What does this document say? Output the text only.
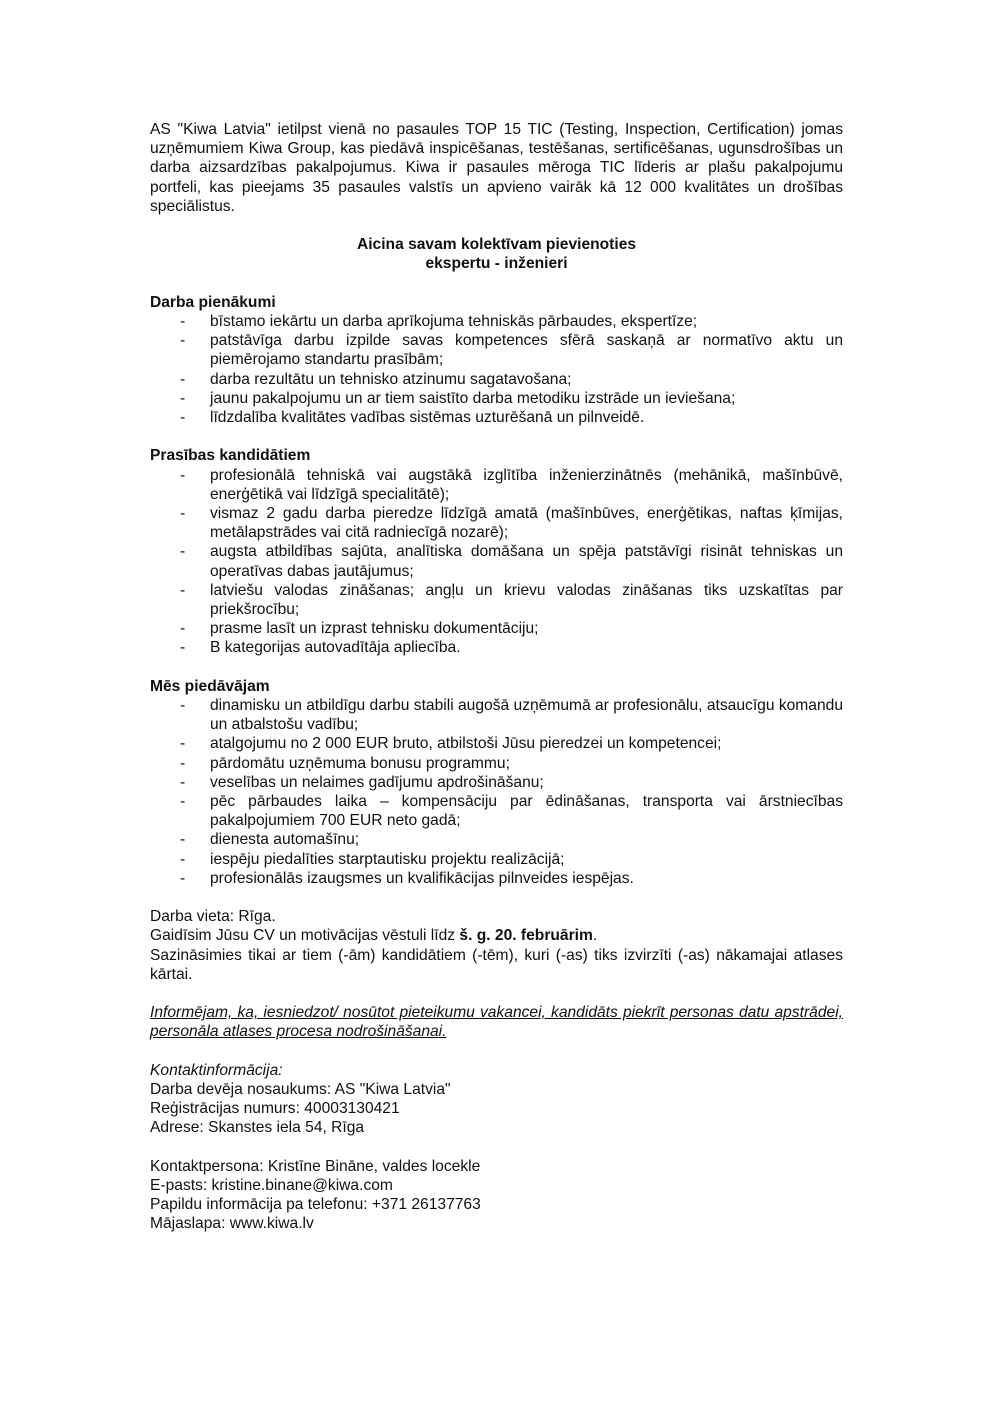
AS "Kiwa Latvia" ietilpst vienā no pasaules TOP 15 TIC (Testing, Inspection, Certification) jomas uzņēmumiem Kiwa Group, kas piedāvā inspicēšanas, testēšanas, sertificēšanas, ugunsdrošības un darba aizsardzības pakalpojumus. Kiwa ir pasaules mēroga TIC līderis ar plašu pakalpojumu portfeli, kas pieejams 35 pasaules valstīs un apvieno vairāk kā 12 000 kvalitātes un drošības speciālistus.

Aicina savam kolektīvam pievienoties

ekspertu - inženieri

Darba pienākumi
- bīstamo iekārtu un darba aprīkojuma tehniskās pārbaudes, ekspertīze;
- patstāvīga darbu izpilde savas kompetences sfērā saskaņā ar normatīvo aktu un piemērojamo standartu prasībām;
- darba rezultātu un tehnisko atzinumu sagatavošana;
- jaunu pakalpojumu un ar tiem saistīto darba metodiku izstrāde un ieviešana;
- līdzdalība kvalitātes vadības sistēmas uzturēšanā un pilnveidē.
Prasības kandidātiem
- profesionālā tehniskā vai augstākā izglītība inženierzinātnēs (mehānikā, mašīnbūvē, enerģētikā vai līdzīgā specialitātē);
- vismaz 2 gadu darba pieredze līdzīgā amatā (mašīnbūves, enerģētikas, naftas ķīmijas, metālapstrādes vai citā radniecīgā nozarē);
- augsta atbildības sajūta, analītiska domāšana un spēja patstāvīgi risināt tehniskas un operatīvas dabas jautājumus;
- latviešu valodas zināšanas; angļu un krievu valodas zināšanas tiks uzskatītas par priekšrocību;
- prasme lasīt un izprast tehnisku dokumentāciju;
- B kategorijas autovadītāja apliecība.
Mēs piedāvājam
- dinamisku un atbildīgu darbu stabili augošā uzņēmumā ar profesionālu, atsaucīgu komandu un atbalstošu vadību;
- atalgojumu no 2 000 EUR bruto, atbilstoši Jūsu pieredzei un kompetencei;
- pārdomātu uzņēmuma bonusu programmu;
- veselības un nelaimes gadījumu apdrošināšanu;
- pēc pārbaudes laika – kompensāciju par ēdināšanas, transporta vai ārstniecības pakalpojumiem 700 EUR neto gadā;
- dienesta automašīnu;
- iespēju piedalīties starptautisku projektu realizācijā;
- profesionālās izaugsmes un kvalifikācijas pilnveides iespējas.

Darba vieta: Rīga.

Gaidīsim Jūsu CV un motivācijas vēstuli līdz š. g. 20. februārim.

Sazināsimies tikai ar tiem (-ām) kandidātiem (-tēm), kuri (-as) tiks izvirzīti (-as) nākamajai atlases kārtai.

Informējam, ka, iesniedzot/ nosūtot pieteikumu vakancei, kandidāts piekrīt personas datu apstrādei, personāla atlases procesa nodrošināšanai.

Kontaktinformācija:

Darba devēja nosaukums: AS "Kiwa Latvia"

Reģistrācijas numurs: 40003130421

Adrese: Skanstes iela 54, Rīga

Kontaktpersona: Kristīne Bināne, valdes locekle

E-pasts: kristine.binane@kiwa.com

Papildu informācija pa telefonu: +371 26137763

Mājaslapa: www.kiwa.lv
